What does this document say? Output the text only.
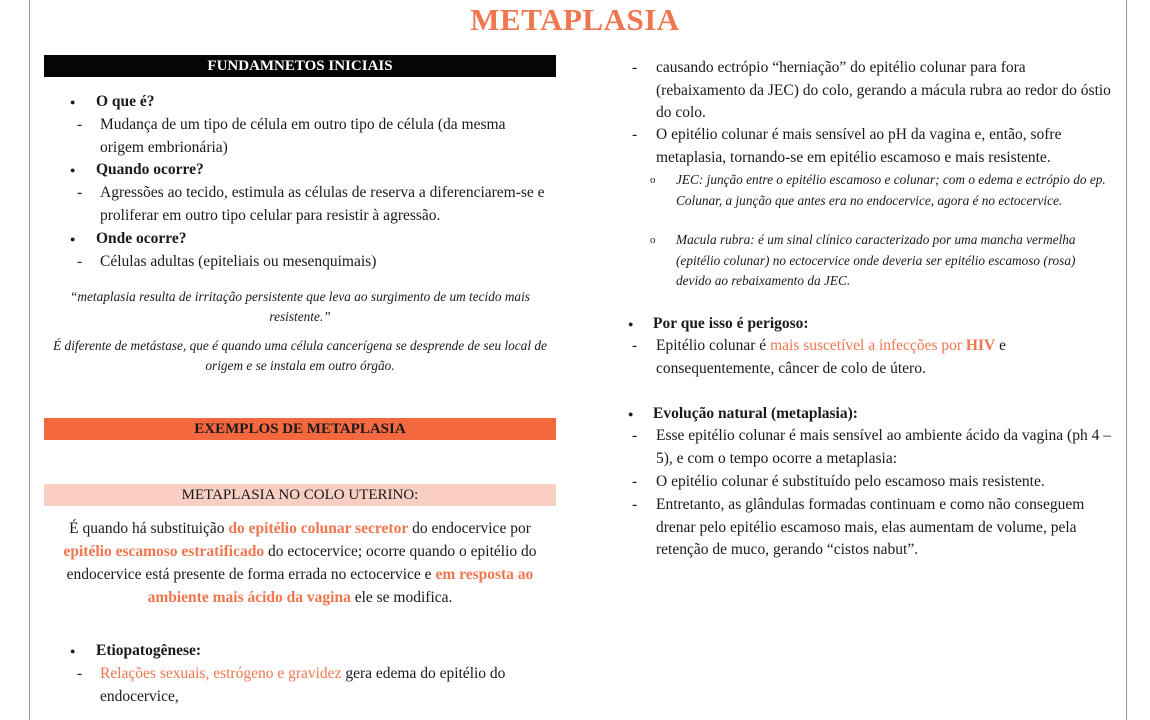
METAPLASIA
FUNDAMNETOS INICIAIS
O que é?
- Mudança de um tipo de célula em outro tipo de célula (da mesma origem embrionária)
Quando ocorre?
- Agressões ao tecido, estimula as células de reserva a diferenciarem-se e proliferar em outro tipo celular para resistir à agressão.
Onde ocorre?
- Células adultas (epiteliais ou mesenquimais)
“metaplasia resulta de irritação persistente que leva ao surgimento de um tecido mais resistente.”
É diferente de metástase, que é quando uma célula cancerígena se desprende de seu local de origem e se instala em outro órgão.
EXEMPLOS DE METAPLASIA
METAPLASIA NO COLO UTERINO:
É quando há substituição do epitélio colunar secretor do endocervice por epitélio escamoso estratificado do ectocervice; ocorre quando o epitélio do endocervice está presente de forma errada no ectocervice e em resposta ao ambiente mais ácido da vagina ele se modifica.
Etiopatogênese:
- Relações sexuais, estrógeno e gravidez gera edema do epitélio do endocervice,
- causando ectrópio “herniação” do epitélio colunar para fora (rebaixamento da JEC) do colo, gerando a mácula rubra ao redor do óstio do colo.
- O epitélio colunar é mais sensível ao pH da vagina e, então, sofre metaplasia, tornando-se em epitélio escamoso e mais resistente.
o JEC: junção entre o epitélio escamoso e colunar; com o edema e ectrópio do ep. Colunar, a junção que antes era no endocervice, agora é no ectocervice.
o Macula rubra: é um sinal clínico caracterizado por uma mancha vermelha (epitélio colunar) no ectocervice onde deveria ser epitélio escamoso (rosa) devido ao rebaixamento da JEC.
Por que isso é perigoso:
- Epitélio colunar é mais suscetível a infecções por HIV e consequentemente, câncer de colo de útero.
Evolução natural (metaplasia):
- Esse epitélio colunar é mais sensível ao ambiente ácido da vagina (ph 4 – 5), e com o tempo ocorre a metaplasia:
- O epitélio colunar é substituído pelo escamoso mais resistente.
- Entretanto, as glândulas formadas continuam e como não conseguem drenar pelo epitélio escamoso mais, elas aumentam de volume, pela retenção de muco, gerando “cistos nabut”.
